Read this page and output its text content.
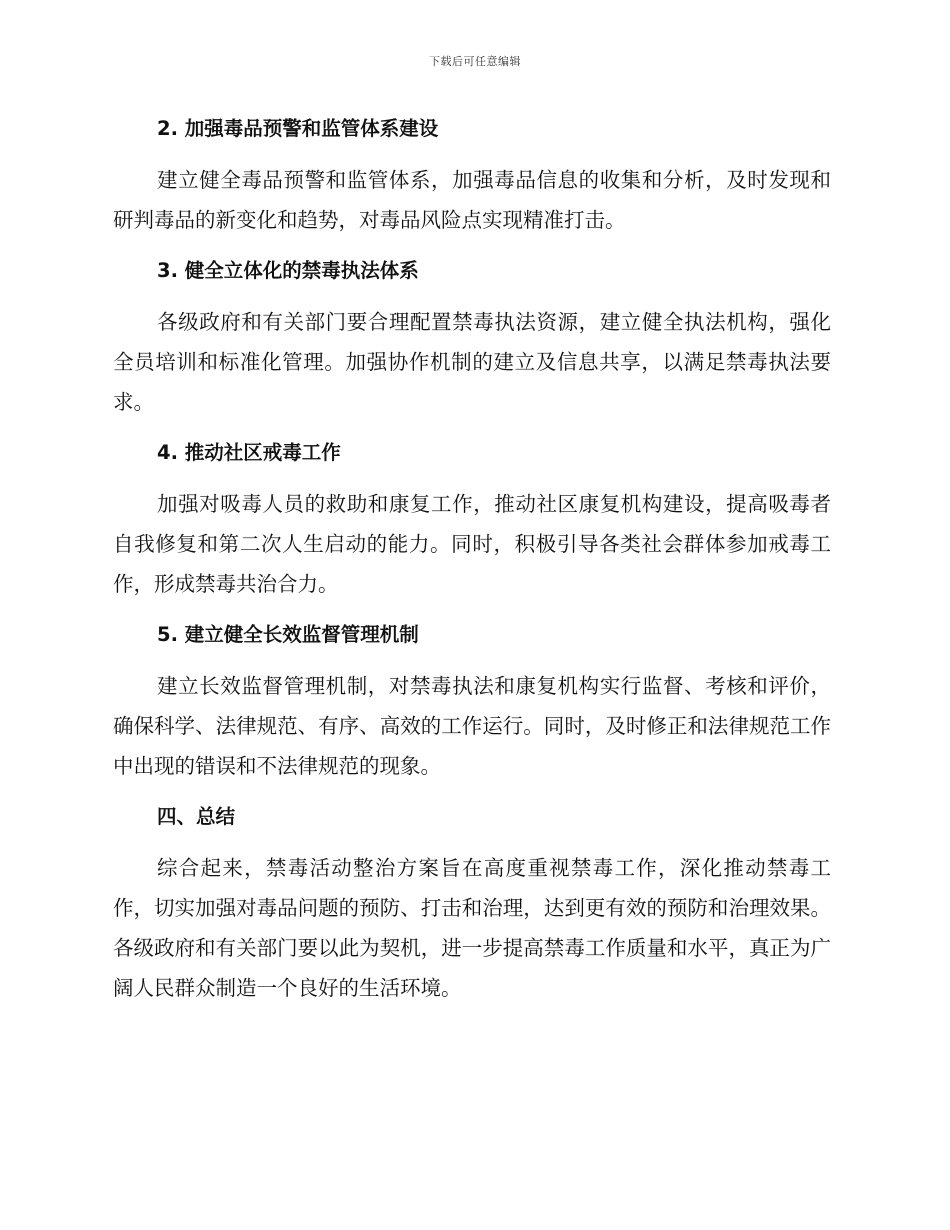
下载后可任意编辑
2. 加强毒品预警和监管体系建设

建立健全毒品预警和监管体系，加强毒品信息的收集和分析，及时发现和研判毒品的新变化和趋势，对毒品风险点实现精准打击。

3. 健全立体化的禁毒执法体系

各级政府和有关部门要合理配置禁毒执法资源，建立健全执法机构，强化全员培训和标准化管理。加强协作机制的建立及信息共享，以满足禁毒执法要求。

4. 推动社区戒毒工作

加强对吸毒人员的救助和康复工作，推动社区康复机构建设，提高吸毒者自我修复和第二次人生启动的能力。同时，积极引导各类社会群体参加戒毒工作，形成禁毒共治合力。

5. 建立健全长效监督管理机制

建立长效监督管理机制，对禁毒执法和康复机构实行监督、考核和评价，确保科学、法律规范、有序、高效的工作运行。同时，及时修正和法律规范工作中出现的错误和不法律规范的现象。

四、总结

综合起来，禁毒活动整治方案旨在高度重视禁毒工作，深化推动禁毒工作，切实加强对毒品问题的预防、打击和治理，达到更有效的预防和治理效果。各级政府和有关部门要以此为契机，进一步提高禁毒工作质量和水平，真正为广阔人民群众制造一个良好的生活环境。
